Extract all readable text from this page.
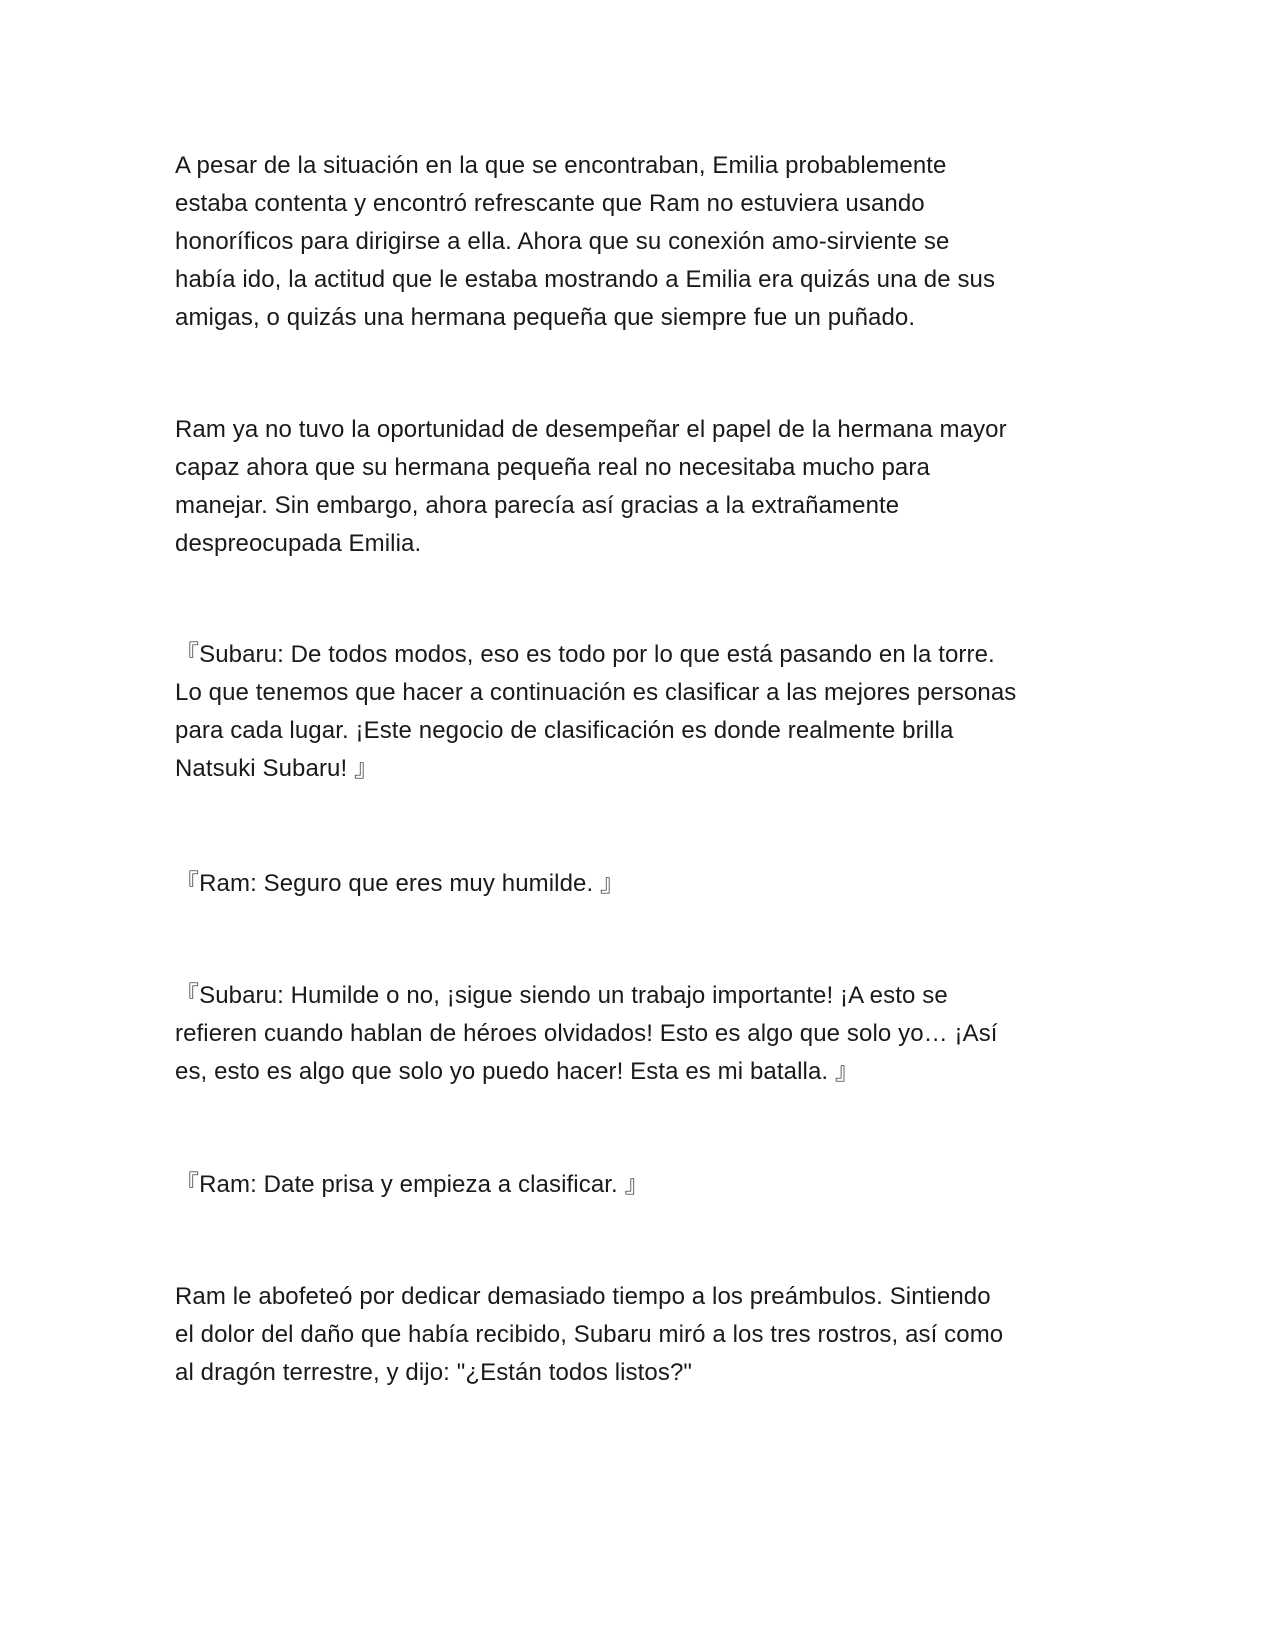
A pesar de la situación en la que se encontraban, Emilia probablemente
estaba contenta y encontró refrescante que Ram no estuviera usando
honoríficos para dirigirse a ella. Ahora que su conexión amo-sirviente se
había ido, la actitud que le estaba mostrando a Emilia era quizás una de sus
amigas, o quizás una hermana pequeña que siempre fue un puñado.

Ram ya no tuvo la oportunidad de desempeñar el papel de la hermana mayor
capaz ahora que su hermana pequeña real no necesitaba mucho para
manejar. Sin embargo, ahora parecía así gracias a la extrañamente
despreocupada Emilia.

『Subaru: De todos modos, eso es todo por lo que está pasando en la torre.
Lo que tenemos que hacer a continuación es clasificar a las mejores personas
para cada lugar. ¡Este negocio de clasificación es donde realmente brilla
Natsuki Subaru! 』

『Ram: Seguro que eres muy humilde. 』

『Subaru: Humilde o no, ¡sigue siendo un trabajo importante! ¡A esto se
refieren cuando hablan de héroes olvidados! Esto es algo que solo yo… ¡Así
es, esto es algo que solo yo puedo hacer! Esta es mi batalla. 』

『Ram: Date prisa y empieza a clasificar. 』

Ram le abofeteó por dedicar demasiado tiempo a los preámbulos. Sintiendo
el dolor del daño que había recibido, Subaru miró a los tres rostros, así como
al dragón terrestre, y dijo: "¿Están todos listos?"
